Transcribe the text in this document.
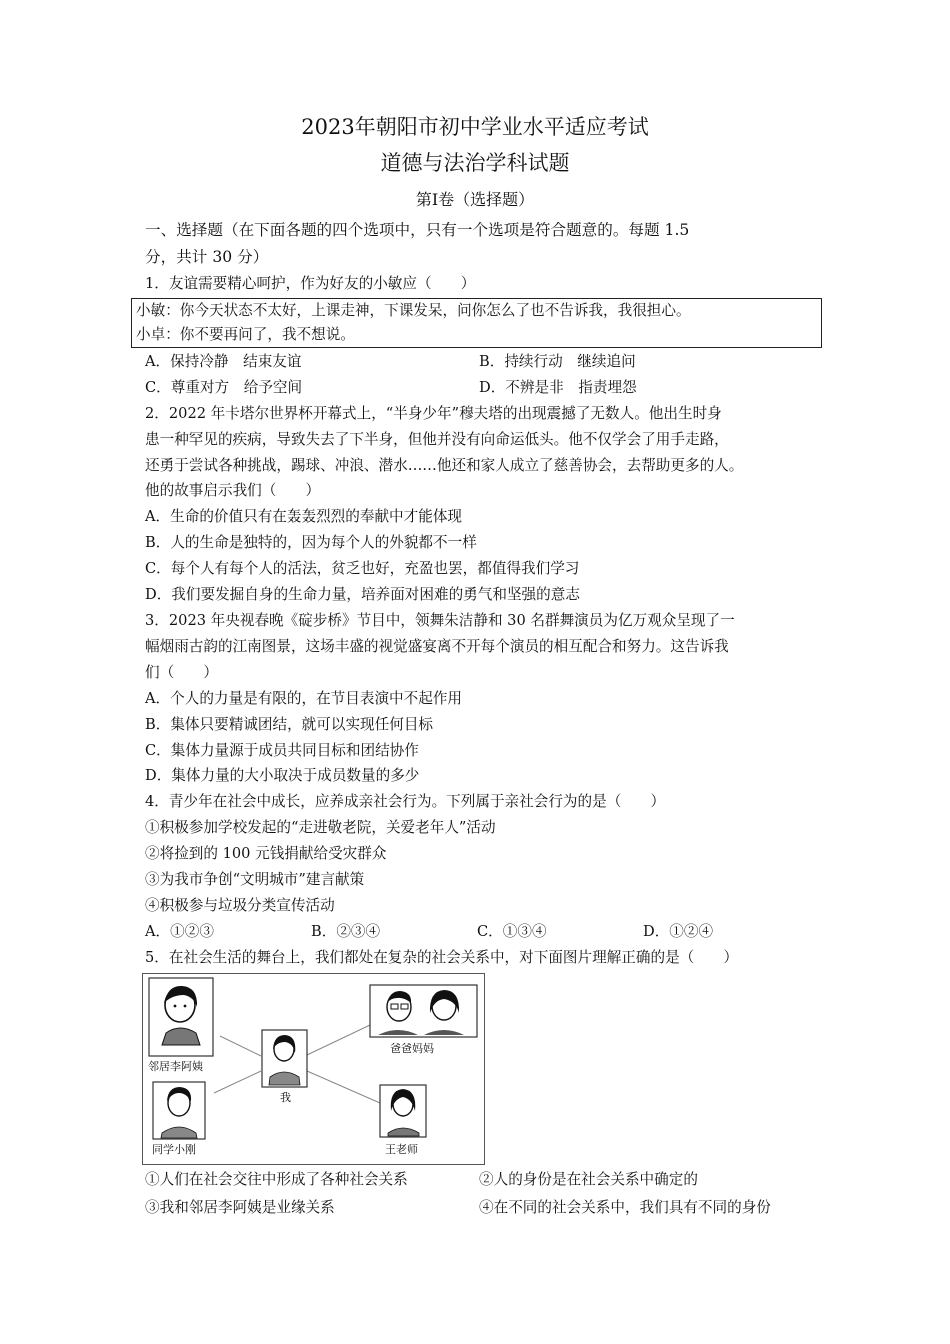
2023年朝阳市初中学业水平适应考试
道德与法治学科试题
第Ⅰ卷（选择题）

一、选择题（在下面各题的四个选项中，只有一个选项是符合题意的。每题 1.5

分，共计 30 分）

1．友谊需要精心呵护，作为好友的小敏应（　　）

小敏：你今天状态不太好，上课走神，下课发呆，问你怎么了也不告诉我，我很担心。

小卓：你不要再问了，我不想说。

A．保持冷静　结束友谊	B．持续行动　继续追问
C．尊重对方　给予空间	D．不辨是非　指责埋怨

2．2022 年卡塔尔世界杯开幕式上，“半身少年”穆夫塔的出现震撼了无数人。他出生时身

患一种罕见的疾病，导致失去了下半身，但他并没有向命运低头。他不仅学会了用手走路，

还勇于尝试各种挑战，踢球、冲浪、潜水……他还和家人成立了慈善协会，去帮助更多的人。

他的故事启示我们（　　）

A．生命的价值只有在轰轰烈烈的奉献中才能体现

B．人的生命是独特的，因为每个人的外貌都不一样

C．每个人有每个人的活法，贫乏也好，充盈也罢，都值得我们学习

D．我们要发掘自身的生命力量，培养面对困难的勇气和坚强的意志

3．2023 年央视春晚《碇步桥》节目中，领舞朱洁静和 30 名群舞演员为亿万观众呈现了一

幅烟雨古韵的江南图景，这场丰盛的视觉盛宴离不开每个演员的相互配合和努力。这告诉我

们（　　）

A．个人的力量是有限的，在节目表演中不起作用

B．集体只要精诚团结，就可以实现任何目标

C．集体力量源于成员共同目标和团结协作

D．集体力量的大小取决于成员数量的多少

4．青少年在社会中成长，应养成亲社会行为。下列属于亲社会行为的是（　　）

①积极参加学校发起的“走进敬老院，关爱老年人”活动

②将捡到的 100 元钱捐献给受灾群众

③为我市争创“文明城市”建言献策

④积极参与垃圾分类宣传活动

A．①②③	B．②③④	C．①③④	D．①②④

5．在社会生活的舞台上，我们都处在复杂的社会关系中，对下面图片理解正确的是（　　）

邻居李阿姨
我
爸爸妈妈
同学小刚	王老师
①人们在社会交往中形成了各种社会关系	②人的身份是在社会关系中确定的
③我和邻居李阿姨是业缘关系	④在不同的社会关系中，我们具有不同的身份
